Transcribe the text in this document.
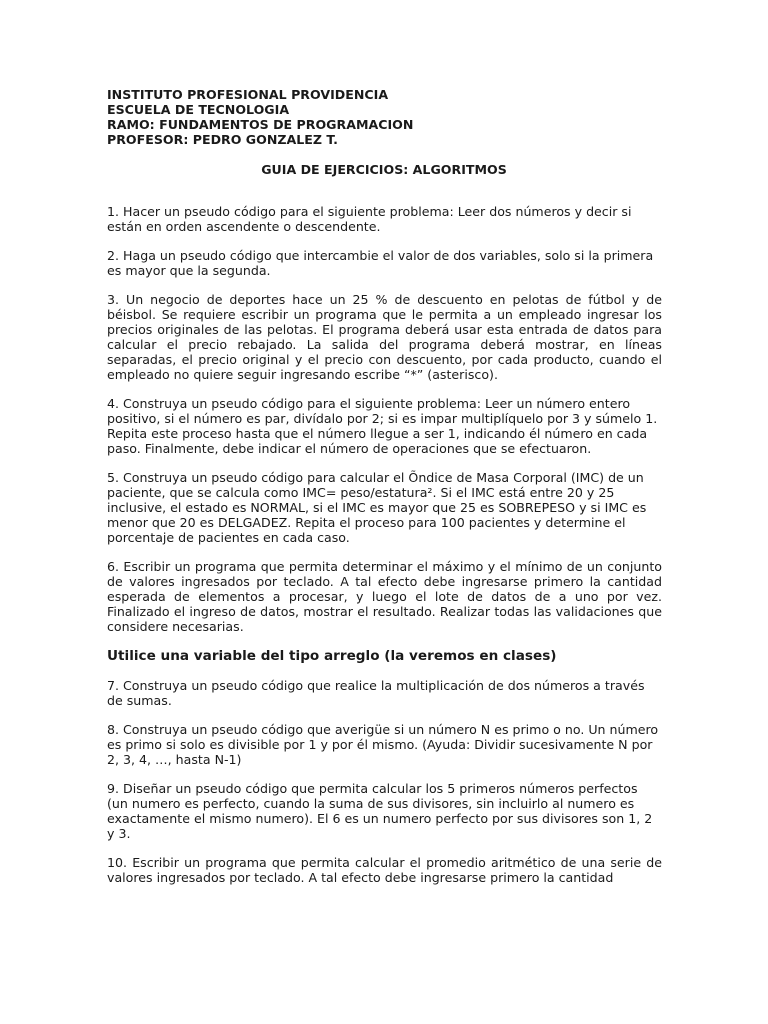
INSTITUTO PROFESIONAL PROVIDENCIA
ESCUELA DE TECNOLOGIA
RAMO: FUNDAMENTOS DE PROGRAMACION
PROFESOR: PEDRO GONZALEZ T.
GUIA DE EJERCICIOS: ALGORITMOS

1. Hacer un pseudo código para el siguiente problema: Leer dos números y decir si están en orden ascendente o descendente.

2. Haga un pseudo código que intercambie el valor de dos variables, solo si la primera es mayor que la segunda.

3. Un negocio de deportes hace un 25 % de descuento en pelotas de fútbol y de béisbol. Se requiere escribir un programa que le permita a un empleado ingresar los precios originales de las pelotas. El programa deberá usar esta entrada de datos para calcular el precio rebajado. La salida del programa deberá mostrar, en líneas separadas, el precio original y el precio con descuento, por cada producto, cuando el empleado no quiere seguir ingresando escribe “*” (asterisco).

4. Construya un pseudo código para el siguiente problema: Leer un número entero positivo, si el número es par, divídalo por 2; si es impar multiplíquelo por 3 y súmelo 1. Repita este proceso hasta que el número llegue a ser 1, indicando él número en cada paso. Finalmente, debe indicar el número de operaciones que se efectuaron.

5. Construya un pseudo código para calcular el Õndice de Masa Corporal (IMC) de un paciente, que se calcula como IMC= peso/estatura². Si el IMC está entre 20 y 25 inclusive, el estado es NORMAL, si el IMC es mayor que 25 es SOBREPESO y si IMC es menor que 20 es DELGADEZ. Repita el proceso para 100 pacientes y determine el porcentaje de pacientes en cada caso.

6. Escribir un programa que permita determinar el máximo y el mínimo de un conjunto de valores ingresados por teclado. A tal efecto debe ingresarse primero la cantidad esperada de elementos a procesar, y luego el lote de datos de a uno por vez. Finalizado el ingreso de datos, mostrar el resultado. Realizar todas las validaciones que considere necesarias.

Utilice una variable del tipo arreglo (la veremos en clases)

7. Construya un pseudo código que realice la multiplicación de dos números a través de sumas.

8. Construya un pseudo código que averigüe si un número N es primo o no. Un número es primo si solo es divisible por 1 y por él mismo. (Ayuda: Dividir sucesivamente N por 2, 3, 4, …, hasta N-1)

9. Diseñar un pseudo código que permita calcular los 5 primeros números perfectos (un numero es perfecto, cuando la suma de sus divisores, sin incluirlo al numero es exactamente el mismo numero). El 6 es un numero perfecto por sus divisores son 1, 2 y 3.

10. Escribir un programa que permita calcular el promedio aritmético de una serie de valores ingresados por teclado. A tal efecto debe ingresarse primero la cantidad
